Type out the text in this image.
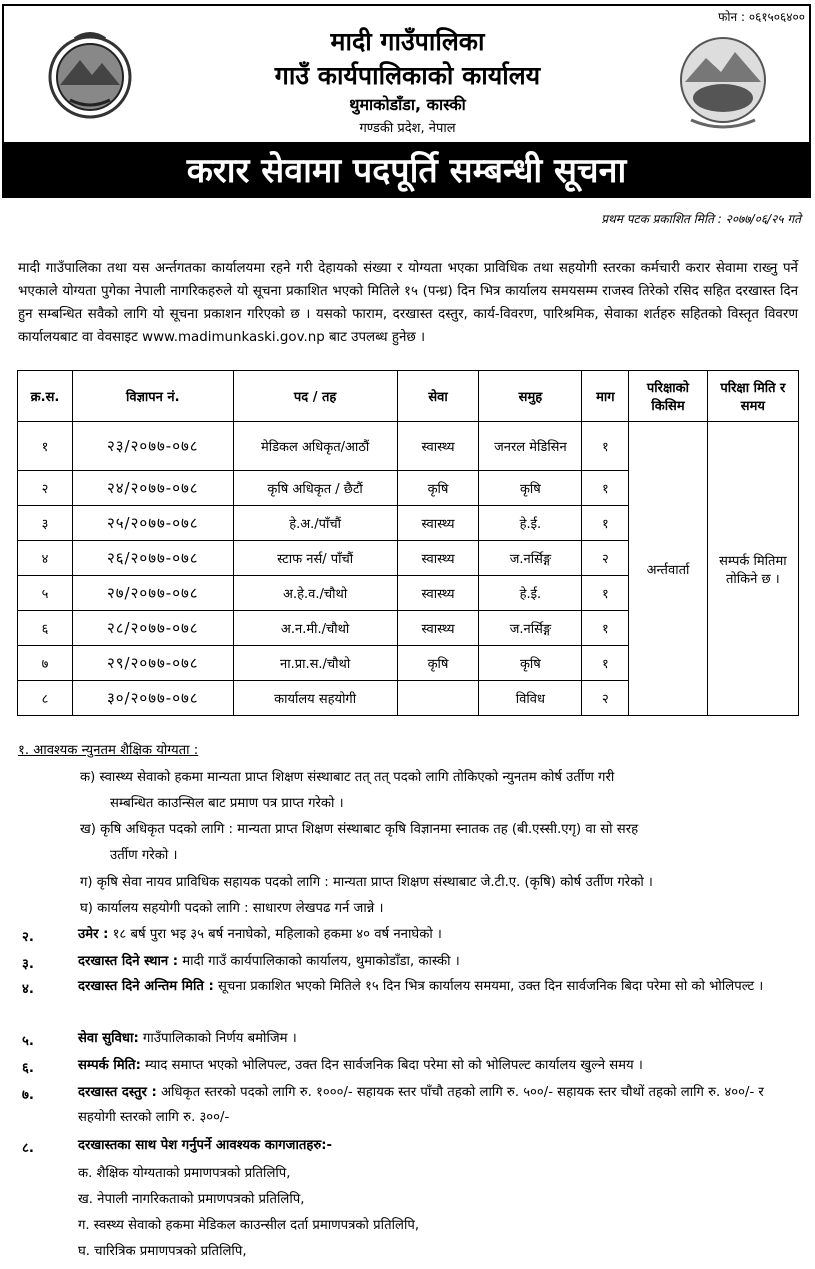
फोन : ०६१५०६४००
मादी गाउँपालिका
गाउँ कार्यपालिकाको कार्यालय
थुमाकोडाँडा, कास्की
गण्डकी प्रदेश, नेपाल
करार सेवामा पदपूर्ति सम्बन्धी सूचना
प्रथम पटक प्रकाशित मिति : २०७७/०६/२५ गते
मादी गाउँपालिका तथा यस अर्न्तगतका कार्यालयमा रहने गरी देहायको संख्या र योग्यता भएका प्राविधिक तथा सहयोगी स्तरका कर्मचारी करार सेवामा राख्नु पर्ने भएकाले योग्यता पुगेका नेपाली नागरिकहरुले यो सूचना प्रकाशित भएको मितिले १५ (पन्ध्र) दिन भित्र कार्यालय समयसम्म राजस्व तिरेको रसिद सहित दरखास्त दिन हुन सम्बन्धित सवैको लागि यो सूचना प्रकाशन गरिएको छ । यसको फाराम, दरखास्त दस्तुर, कार्य-विवरण, पारिश्रमिक, सेवाका शर्तहरु सहितको विस्तृत विवरण कार्यालयबाट वा वेवसाइट www.madimunkaski.gov.np बाट उपलब्ध हुनेछ ।
क्र.स.	विज्ञापन नं.	पद / तह	सेवा	समुह	माग	परिक्षाको किसिम	परिक्षा मिति र समय
१	२३/२०७७-०७८	मेडिकल अधिकृत/आठौं	स्वास्थ्य	जनरल मेडिसिन	१	अर्न्तवार्ता	सम्पर्क मितिमा तोकिने छ ।
२	२४/२०७७-०७८	कृषि अधिकृत / छैटौं	कृषि	कृषि	१		
३	२५/२०७७-०७८	हे.अ./पाँचौं	स्वास्थ्य	हे.ई.	१		
४	२६/२०७७-०७८	स्टाफ नर्स/ पाँचौं	स्वास्थ्य	ज.नर्सिङ्ग	२		
५	२७/२०७७-०७८	अ.हे.व./चौथो	स्वास्थ्य	हे.ई.	१		
६	२८/२०७७-०७८	अ.न.मी./चौथो	स्वास्थ्य	ज.नर्सिङ्ग	१		
७	२९/२०७७-०७८	ना.प्रा.स./चौथो	कृषि	कृषि	१		
८	३०/२०७७-०७८	कार्यालय सहयोगी		विविध	२		
१. आवश्यक न्युनतम शैक्षिक योग्यता :
क) स्वास्थ्य सेवाको हकमा मान्यता प्राप्त शिक्षण संस्थाबाट तत् तत् पदको लागि तोकिएको न्युनतम कोर्ष उर्तीण गरी
सम्बन्धित काउन्सिल बाट प्रमाण पत्र प्राप्त गरेको ।
ख) कृषि अधिकृत पदको लागि : मान्यता प्राप्त शिक्षण संस्थाबाट कृषि विज्ञानमा स्नातक तह (बी.एस्सी.एगृ) वा सो सरह
उर्तीण गरेको ।
ग) कृषि सेवा नायव प्राविधिक सहायक पदको लागि : मान्यता प्राप्त शिक्षण संस्थाबाट जे.टी.ए. (कृषि) कोर्ष उर्तीण गरेको ।
घ) कार्यालय सहयोगी पदको लागि : साधारण लेखपढ गर्न जान्ने ।
२.	उमेर : १८ बर्ष पुरा भइ ३५ बर्ष ननाघेको, महिलाको हकमा ४० वर्ष ननाघेको ।
३.	दरखास्त दिने स्थान : मादी गाउँ कार्यपालिकाको कार्यालय, थुमाकोडाँडा, कास्की ।
४.	दरखास्त दिने अन्तिम मिति : सूचना प्रकाशित भएको मितिले १५ दिन भित्र कार्यालय समयमा, उक्त दिन सार्वजनिक बिदा परेमा सो को भोलिपल्ट ।
५.	सेवा सुविधा: गाउँपालिकाको निर्णय बमोजिम ।
६.	सम्पर्क मिति: म्याद समाप्त भएको भोलिपल्ट, उक्त दिन सार्वजनिक बिदा परेमा सो को भोलिपल्ट कार्यालय खुल्ने समय ।
७.	दरखास्त दस्तुर : अधिकृत स्तरको पदको लागि रु. १०००/- सहायक स्तर पाँचौ तहको लागि रु. ५००/- सहायक स्तर चौथों तहको लागि रु. ४००/- र सहयोगी स्तरको लागि रु. ३००/-
८.	दरखास्तका साथ पेश गर्नुपर्ने आवश्यक कागजातहरु:-
क. शैक्षिक योग्यताको प्रमाणपत्रको प्रतिलिपि,
ख. नेपाली नागरिकताको प्रमाणपत्रको प्रतिलिपि,
ग. स्वस्थ्य सेवाको हकमा मेडिकल काउन्सील दर्ता प्रमाणपत्रको प्रतिलिपि,
घ. चारित्रिक प्रमाणपत्रको प्रतिलिपि,
